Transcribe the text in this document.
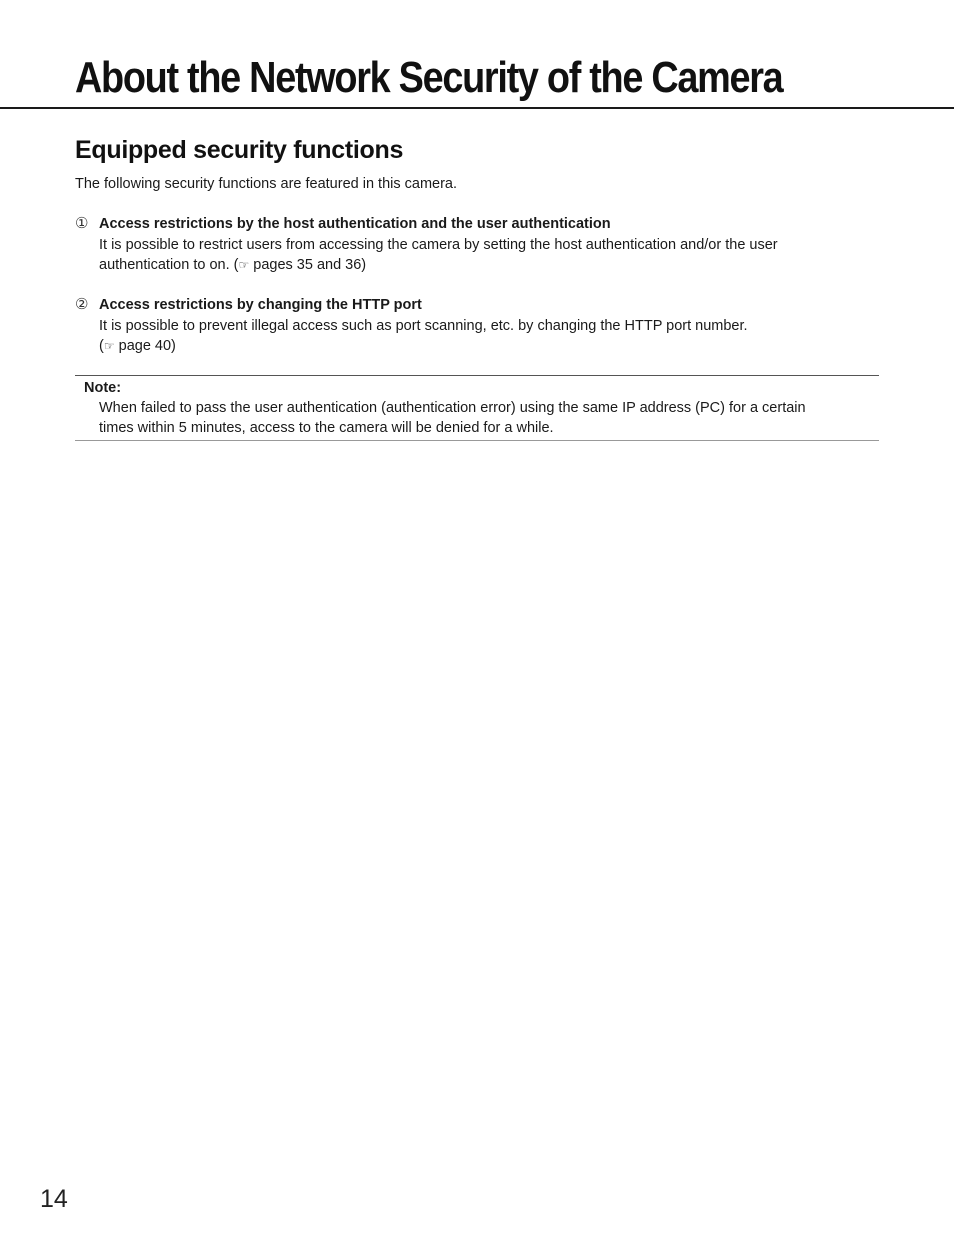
About the Network Security of the Camera
Equipped security functions

The following security functions are featured in this camera.

① Access restrictions by the host authentication and the user authentication

It is possible to restrict users from accessing the camera by setting the host authentication and/or the user
authentication to on. (☞ pages 35 and 36)

② Access restrictions by changing the HTTP port

It is possible to prevent illegal access such as port scanning, etc. by changing the HTTP port number.
(☞ page 40)

Note:

When failed to pass the user authentication (authentication error) using the same IP address (PC) for a certain
times within 5 minutes, access to the camera will be denied for a while.

14
